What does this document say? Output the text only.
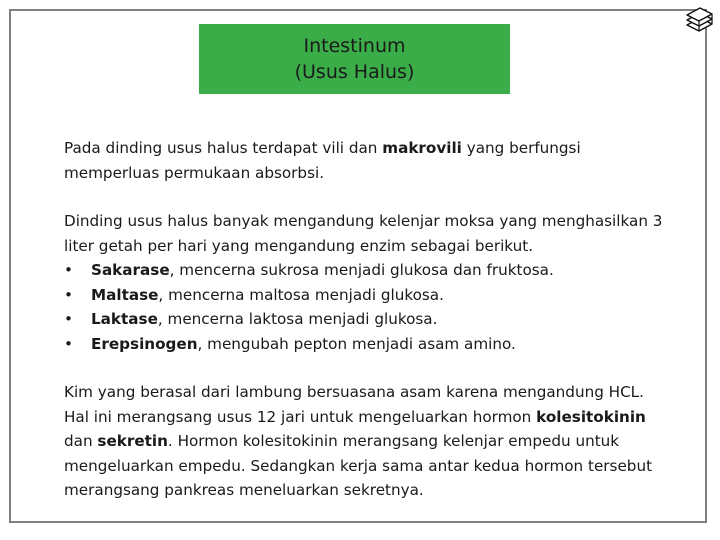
Intestinum
(Usus Halus)

Pada dinding usus halus terdapat vili dan makrovili yang berfungsi memperluas permukaan absorbsi.

Dinding usus halus banyak mengandung kelenjar moksa yang menghasilkan 3 liter getah per hari yang mengandung enzim sebagai berikut.

• Sakarase, mencerna sukrosa menjadi glukosa dan fruktosa.
• Maltase, mencerna maltosa menjadi glukosa.
• Laktase, mencerna laktosa menjadi glukosa.
• Erepsinogen, mengubah pepton menjadi asam amino.

Kim yang berasal dari lambung bersuasana asam karena mengandung HCL. Hal ini merangsang usus 12 jari untuk mengeluarkan hormon kolesitokinin dan sekretin. Hormon kolesitokinin merangsang kelenjar empedu untuk mengeluarkan empedu. Sedangkan kerja sama antar kedua hormon tersebut merangsang pankreas meneluarkan sekretnya.
